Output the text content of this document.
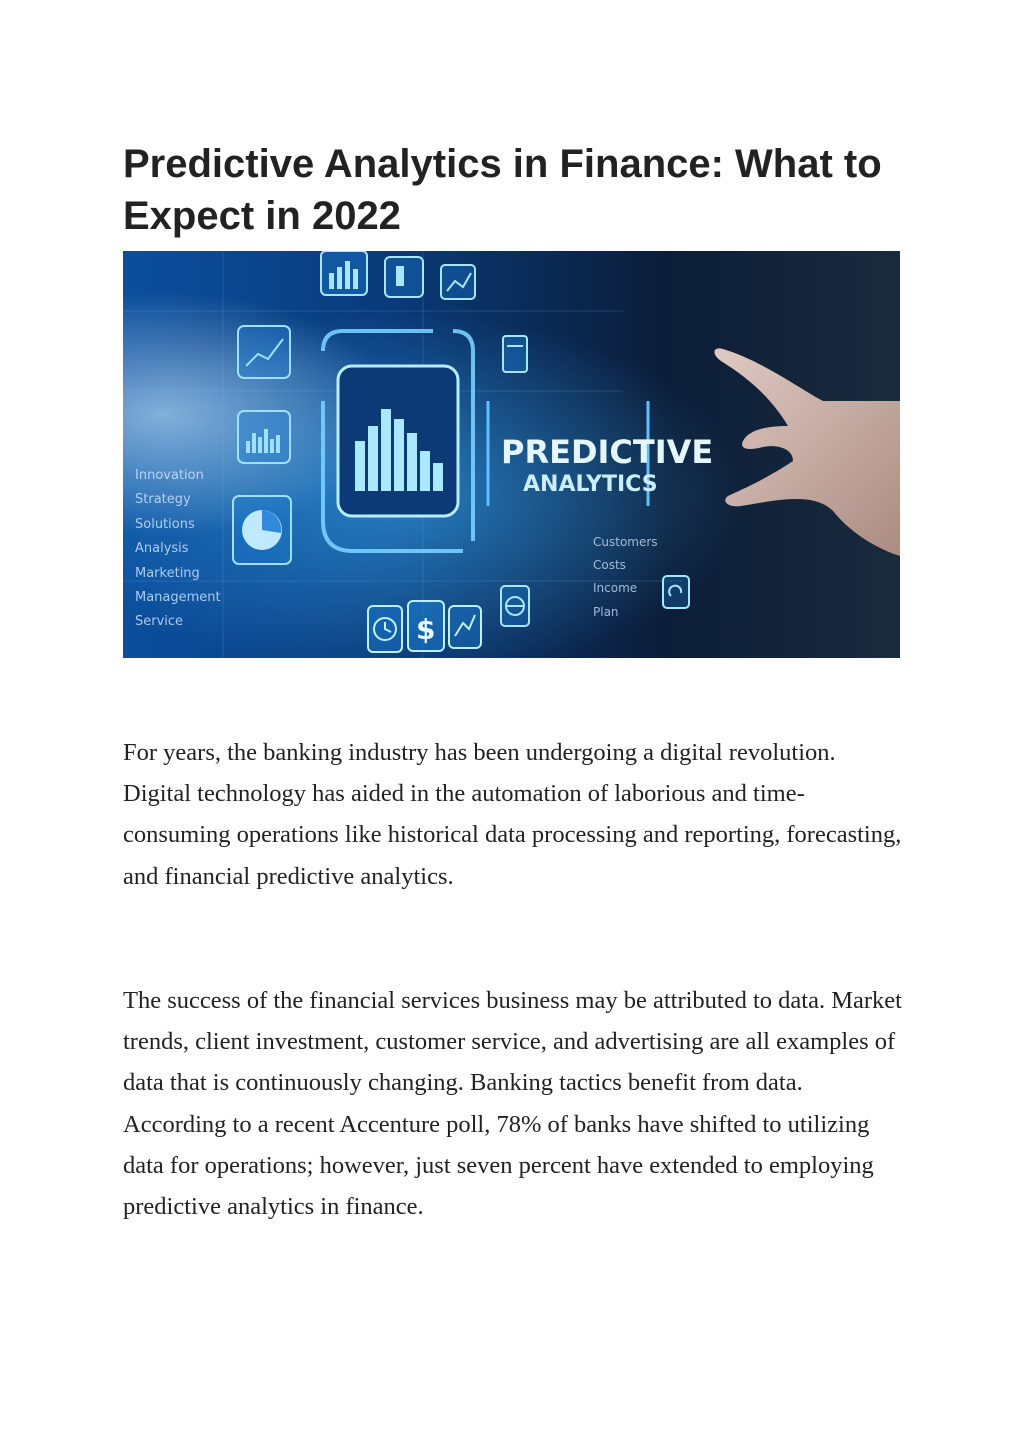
Predictive Analytics in Finance: What to Expect in 2022
Innovation
Strategy
Solutions
Analysis
Marketing
Management
Service
PREDICTIVE
ANALYTICS
Customers
Costs
Income
Plan
$

For years, the banking industry has been undergoing a digital revolution. Digital technology has aided in the automation of laborious and time-consuming operations like historical data processing and reporting, forecasting, and financial predictive analytics.

The success of the financial services business may be attributed to data. Market trends, client investment, customer service, and advertising are all examples of data that is continuously changing. Banking tactics benefit from data. According to a recent Accenture poll, 78% of banks have shifted to utilizing data for operations; however, just seven percent have extended to employing predictive analytics in finance.
